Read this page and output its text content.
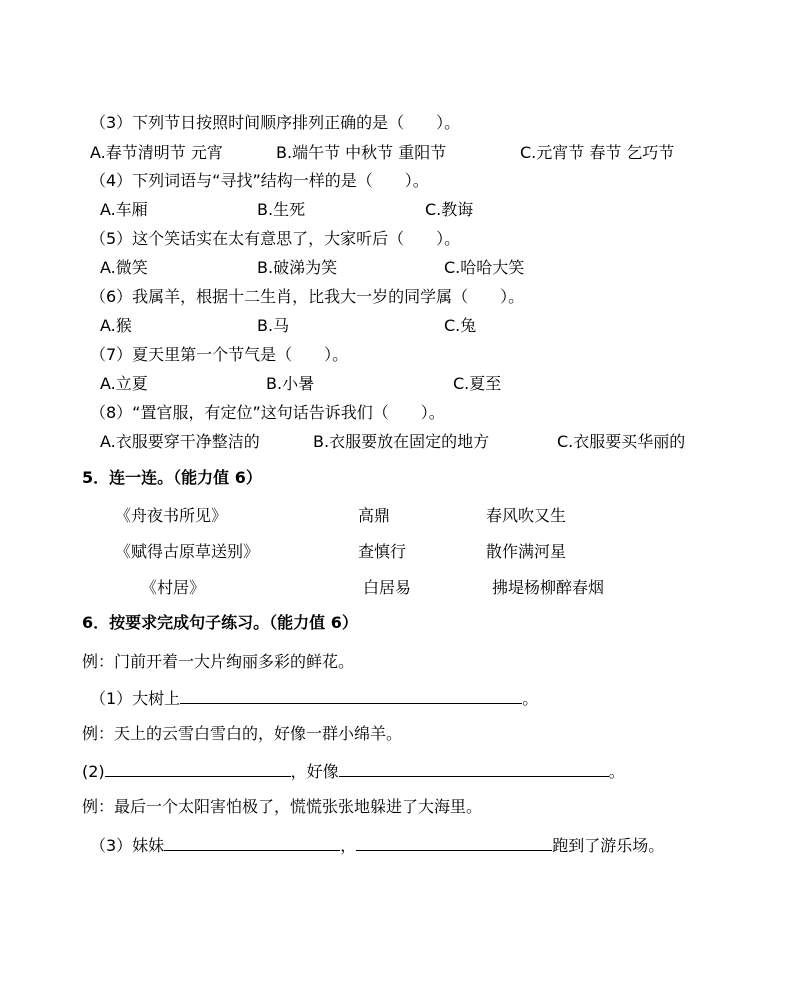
（3）下列节日按照时间顺序排列正确的是（　　）。
A.春节清明节 元宵	B.端午节 中秋节 重阳节	C.元宵节 春节 乞巧节
（4）下列词语与“寻找”结构一样的是（　　）。
A.车厢	B.生死	C.教诲
（5）这个笑话实在太有意思了，大家听后（　　）。
A.微笑	B.破涕为笑	C.哈哈大笑
（6）我属羊，根据十二生肖，比我大一岁的同学属（　　）。
A.猴	B.马	C.兔
（7）夏天里第一个节气是（　　）。
A.立夏	B.小暑	C.夏至
（8）“置官服，有定位”这句话告诉我们（　　）。
A.衣服要穿干净整洁的	B.衣服要放在固定的地方	C.衣服要买华丽的
5．连一连。（能力值 6）
《舟夜书所见》	高鼎	春风吹又生
《赋得古原草送别》	查慎行	散作满河星
《村居》	白居易	拂堤杨柳醉春烟
6．按要求完成句子练习。（能力值 6）
例：门前开着一大片绚丽多彩的鲜花。
（1）大树上	。
例：天上的云雪白雪白的，好像一群小绵羊。
(2)	，好像	。
例：最后一个太阳害怕极了，慌慌张张地躲进了大海里。
（3）妹妹	，	跑到了游乐场。
